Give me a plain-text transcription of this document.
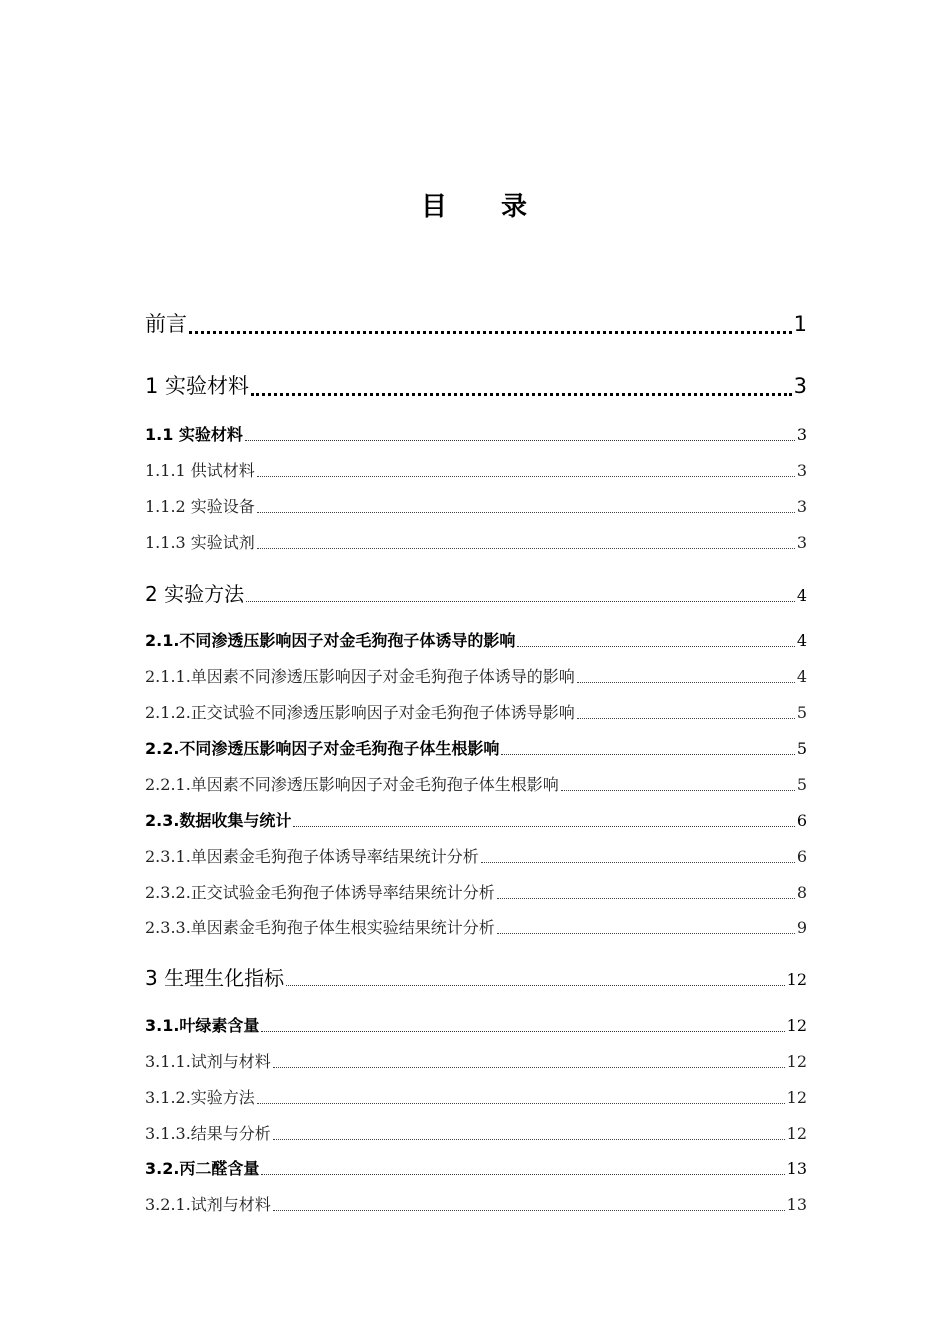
目 录
前言	1
1 实验材料	3
1.1 实验材料	3
1.1.1 供试材料	3
1.1.2 实验设备	3
1.1.3 实验试剂	3
2 实验方法	4
2.1.不同渗透压影响因子对金毛狗孢子体诱导的影响	4
2.1.1.单因素不同渗透压影响因子对金毛狗孢子体诱导的影响	4
2.1.2.正交试验不同渗透压影响因子对金毛狗孢子体诱导影响	5
2.2.不同渗透压影响因子对金毛狗孢子体生根影响	5
2.2.1.单因素不同渗透压影响因子对金毛狗孢子体生根影响	5
2.3.数据收集与统计	6
2.3.1.单因素金毛狗孢子体诱导率结果统计分析	6
2.3.2.正交试验金毛狗孢子体诱导率结果统计分析	8
2.3.3.单因素金毛狗孢子体生根实验结果统计分析	9
3 生理生化指标	12
3.1.叶绿素含量	12
3.1.1.试剂与材料	12
3.1.2.实验方法	12
3.1.3.结果与分析	12
3.2.丙二醛含量	13
3.2.1.试剂与材料	13
